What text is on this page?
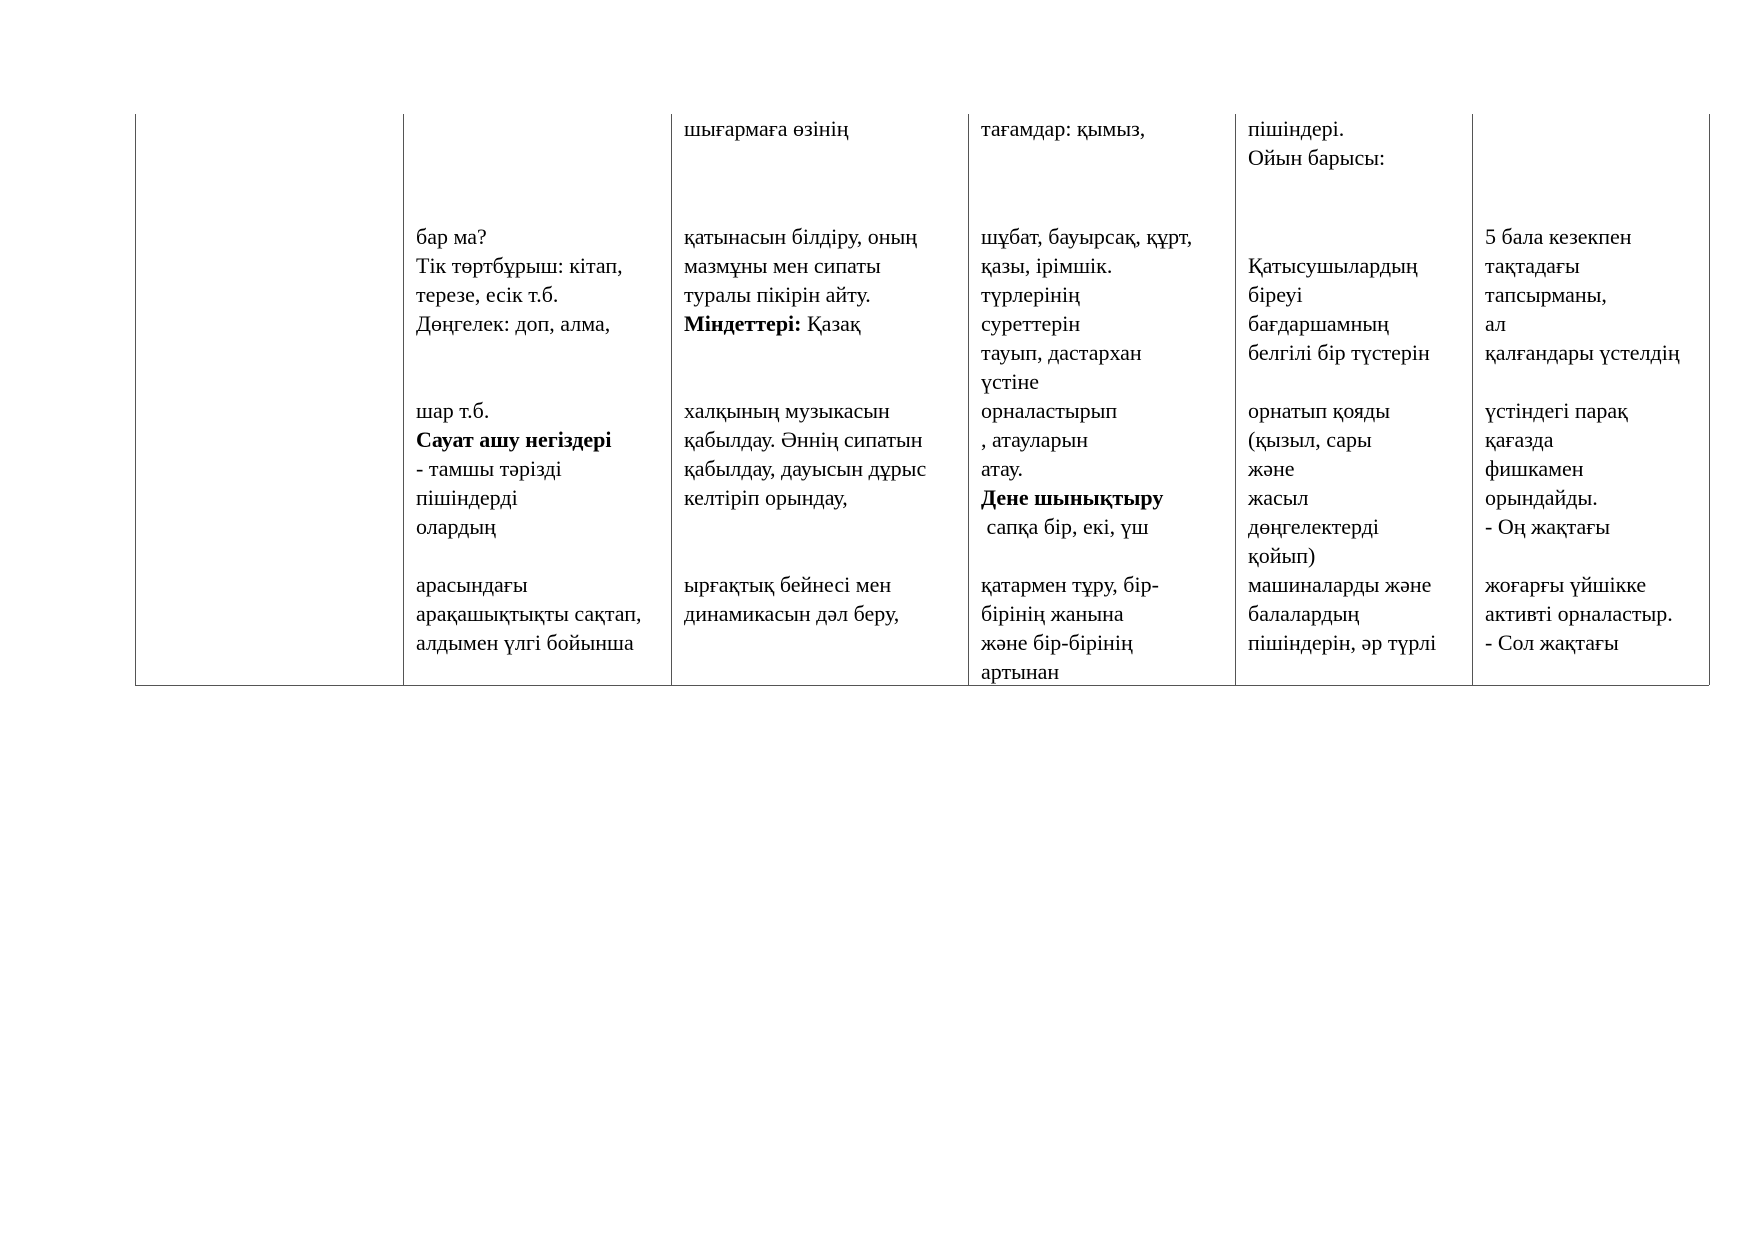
бар ма?
Тік төртбұрыш: кітап,
терезе, есік т.б.
Дөңгелек: доп, алма,
шар т.б.
Сауат ашу негіздері
- тамшы тәрізді
пішіндерді
олардың
арасындағы
арақашықтықты сақтап,
алдымен үлгі бойынша
шығармаға өзінің
қатынасын білдіру, оның
мазмұны мен сипаты
туралы пікірін айту.
Міндеттері: Қазақ
халқының музыкасын
қабылдау. Әннің сипатын
қабылдау, дауысын дұрыс
келтіріп орындау,
ырғақтық бейнесі мен
динамикасын дәл беру,
тағамдар: қымыз,
шұбат, бауырсақ, құрт,
қазы, ірімшік.
түрлерінің
суреттерін
тауып, дастархан
үстіне
орналастырып
, атауларын
атау.
Дене шынықтыру
сапқа бір, екі, үш
қатармен тұру, бір-
бірінің жанына
және бір-бірінің
артынан
пішіндері.
Ойын барысы:
Қатысушылардың
біреуі
бағдаршамның
белгілі бір түстерін
орнатып қояды
(қызыл, сары
және
жасыл
дөңгелектерді
қойып)
машиналарды және
балалардың
пішіндерін, әр түрлі
5 бала кезекпен
тақтадағы
тапсырманы,
ал
қалғандары үстелдің
үстіндегі парақ
қағазда
фишкамен
орындайды.
- Оң жақтағы
жоғарғы үйшікке
активті орналастыр.
- Сол жақтағы
